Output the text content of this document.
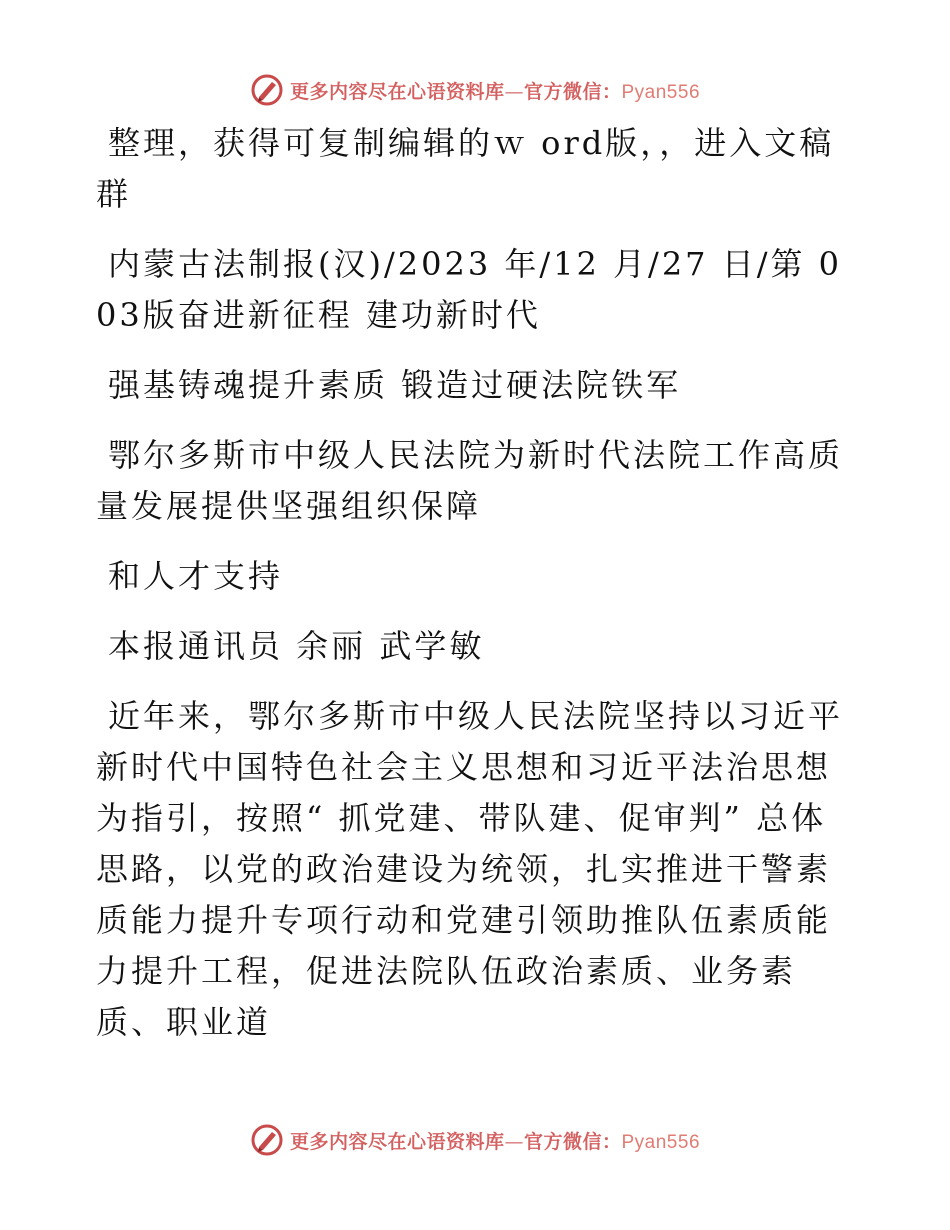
更多内容尽在心语资料库—官方微信：Pyan556

整理，获得可复制编辑的ｗ ord版，，进入文稿群

内蒙古法制报(汉)/2023 年/12 月/27 日/第 003版奋进新征程 建功新时代

强基铸魂提升素质 锻造过硬法院铁军

鄂尔多斯市中级人民法院为新时代法院工作高质量发展提供坚强组织保障

和人才支持

本报通讯员 余丽 武学敏

近年来，鄂尔多斯市中级人民法院坚持以习近平新时代中国特色社会主义思想和习近平法治思想为指引，按照“ 抓党建、带队建、促审判” 总体思路，以党的政治建设为统领，扎实推进干警素质能力提升专项行动和党建引领助推队伍素质能力提升工程，促进法院队伍政治素质、业务素质、职业道

更多内容尽在心语资料库—官方微信：Pyan556
